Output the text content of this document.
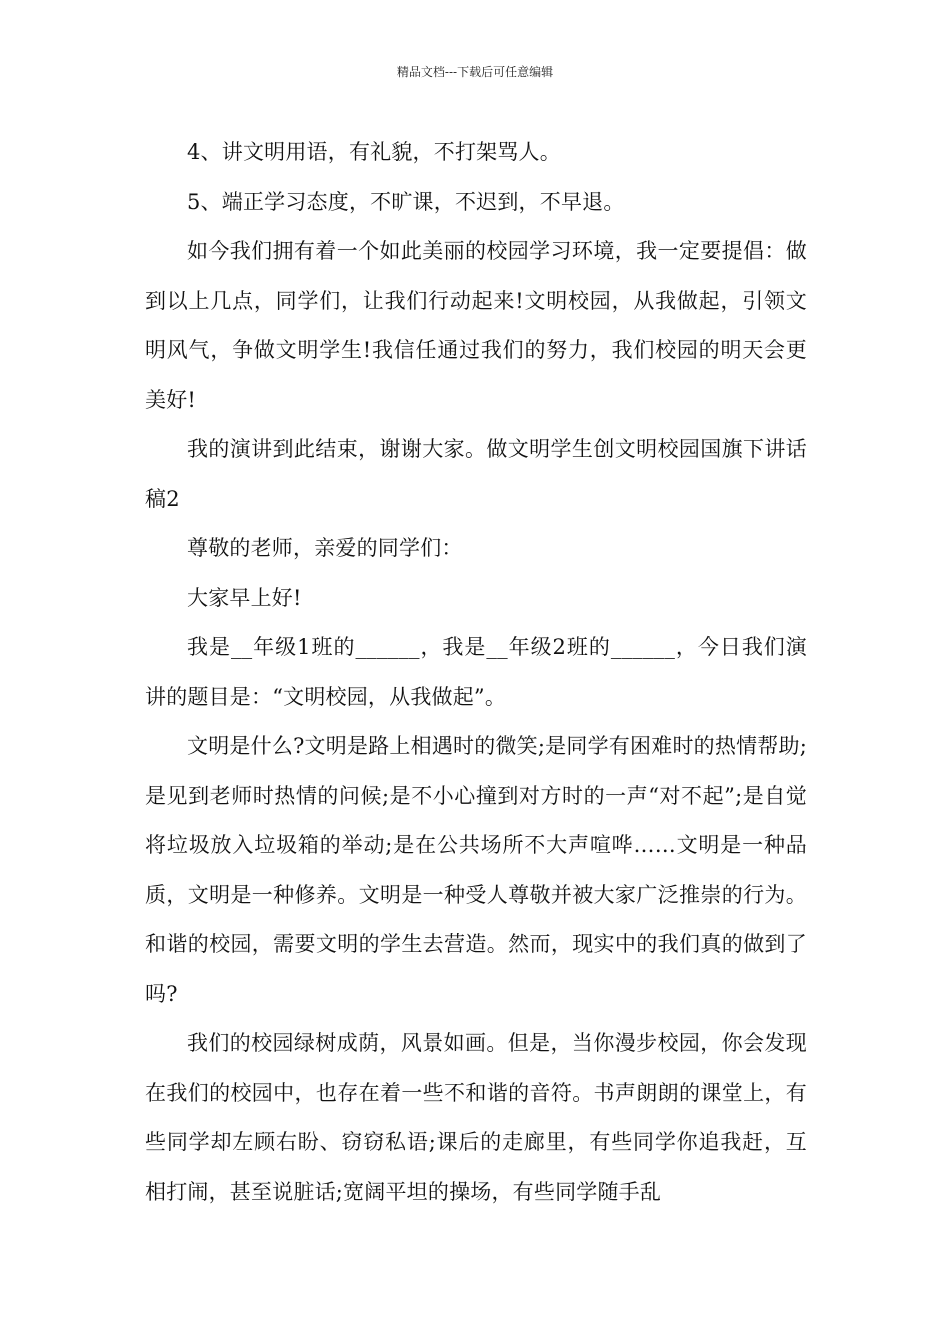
精品文档---下载后可任意编辑

4、讲文明用语，有礼貌，不打架骂人。

5、端正学习态度，不旷课，不迟到，不早退。

如今我们拥有着一个如此美丽的校园学习环境，我一定要提倡：做到以上几点，同学们，让我们行动起来!文明校园，从我做起，引领文明风气，争做文明学生!我信任通过我们的努力，我们校园的明天会更美好!

我的演讲到此结束，谢谢大家。做文明学生创文明校园国旗下讲话稿2

尊敬的老师，亲爱的同学们：

大家早上好!

我是__年级1班的______，我是__年级2班的______，今日我们演讲的题目是：“文明校园，从我做起”。

文明是什么?文明是路上相遇时的微笑;是同学有困难时的热情帮助;是见到老师时热情的问候;是不小心撞到对方时的一声“对不起”;是自觉将垃圾放入垃圾箱的举动;是在公共场所不大声喧哗……文明是一种品质，文明是一种修养。文明是一种受人尊敬并被大家广泛推崇的行为。和谐的校园，需要文明的学生去营造。然而，现实中的我们真的做到了吗?

我们的校园绿树成荫，风景如画。但是，当你漫步校园，你会发现在我们的校园中，也存在着一些不和谐的音符。书声朗朗的课堂上，有些同学却左顾右盼、窃窃私语;课后的走廊里，有些同学你追我赶，互相打闹，甚至说脏话;宽阔平坦的操场，有些同学随手乱
